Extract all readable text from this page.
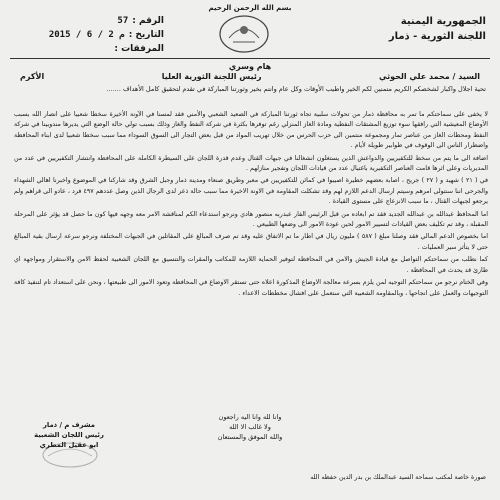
بسم الله الرحمن الرحيم
الجمهورية اليمنية
اللجنة الثورية - ذمار
الرقم :
57
التاريخ :
2015 / 6 / 2 م
المرفقات :
هام وسري
السيد / محمد علي الحوثي
رئيس اللجنة الثورية العليا
الأكرم
تحية اجلال واكبار لشخصكم الكريم متمنين لكم الخير واطيب الأوقات وكل عام وانتم بخير وثورتنا المباركة في تقدم لتحقيق كامل الأهداف .......

لا يخفى على سماحتكم ما تمر به محافظة ذمار من تحولات سلبية تجاه ثورتنا المباركة في الصعيد الشعبي والأمني فقد لمسنا في الآونة الأخيرة سخطا شعبيا على انصار الله بسبب الأوضاع المعيشية التي رافقها سوء توزيع المشتقات النفطية ومادة الغاز المنزلي رغم توفرها بكثرة في شركة النفط والغاز وذلك بسبب تولي حالة الوضع التي يديرها مندوبينا في شركة النفط ومحطات الغاز من عناصر تمار ومجموعة منتمين الى حزب الحرس من خلال تهريب المواد من قبل بعض التجار الى السوق السوداء مما سبب سخطا شعبيا لدى ابناء المحافظة واضطرار الناس الى الوقوف في طوابير طويلة لأيام .

اضافة الى ما يتم من سخط للتكفيريين والدواعش الذين يستغلون انشغالنا في جبهات القتال وعدم قدرة اللجان على السيطرة الكاملة على المحافظة وانتشار التكفيريين في عدد من المديريات وعلى اثرها قامت العناصر التكفيرية باغتيال عدد من قيادات اللجان وتفجير منازلهم .

في ( ٢١ ) شهيد و ( ٢٧ ) جريح ، اصابة بعضهم خطيرة اصيبوا في كمائن للتكفيريين في معبر وطريق صنعاء ومدينة ذمار وجبل الشرق وقد شاركنا في الموضوع واخبرنا اهالي الشهداء والجرحى اننا سنتولى امرهم وسيتم ارسال الدعم اللازم لهم وقد تشكلت المقاومة في الاونة الاخيرة مما سبب حالة ذعر لدى الرجال الذين وصل عددهم ٤٩٧ فرد ، عادو الى قراهم ولم يرجعو لجبهات القتال ، ما سبب الانزعاج على مستوى القيادة .

اما المحافظ عبدالله بن عبدالله الجديد فقد تم ابعاده من قبل الرئيس الفار عبدربه منصور هادي ونرجو استدعاء الكم لمناقشة الامر معه وجهه فيها كون ما حصل قد يؤثر على المرحلة المقبلة ، وقد تم تكليف بعض القيادات لتسيير الامور لحين عودة الامور الى وضعها الطبيعي .

اما بخصوص الدعم المالي فقد وصلنا مبلغ ( ٥٨٧ ) مليون ريال في اطار ما تم الاتفاق عليه وقد تم صرف المبالغ على المقاتلين في الجبهات المختلفة ونرجو سرعة ارسال بقية المبالغ حتى لا يتأثر سير العمليات .

كما نطلب من سماحتكم التواصل مع قيادة الجيش والامن في المحافظة لتوفير الحماية اللازمة للمكاتب والمقرات والتنسيق مع اللجان الشعبية لحفظ الامن والاستقرار ومواجهة اي طارئ قد يحدث في المحافظة .

وفي الختام نرجو من سماحتكم التوجيه لمن يلزم بسرعة معالجة الاوضاع المذكورة اعلاه حتى تستقر الاوضاع في المحافظة وتعود الامور الى طبيعتها ، ونحن على استعداد تام لتنفيذ كافة التوجيهات والعمل على انجاحها ، وبالمقاومة الشعبية التي ستعمل على افشال مخططات الاعداء .

وانا لله وانا اليه راجعون
ولا غالب الا الله
والله الموفق والمستعان
مشرف م / ذمار
رئيس اللجان الشعبية
ابو عقيل المطري
صورة خاصة لمكتب سماحة السيد عبدالملك بن بدر الدين حفظه الله
